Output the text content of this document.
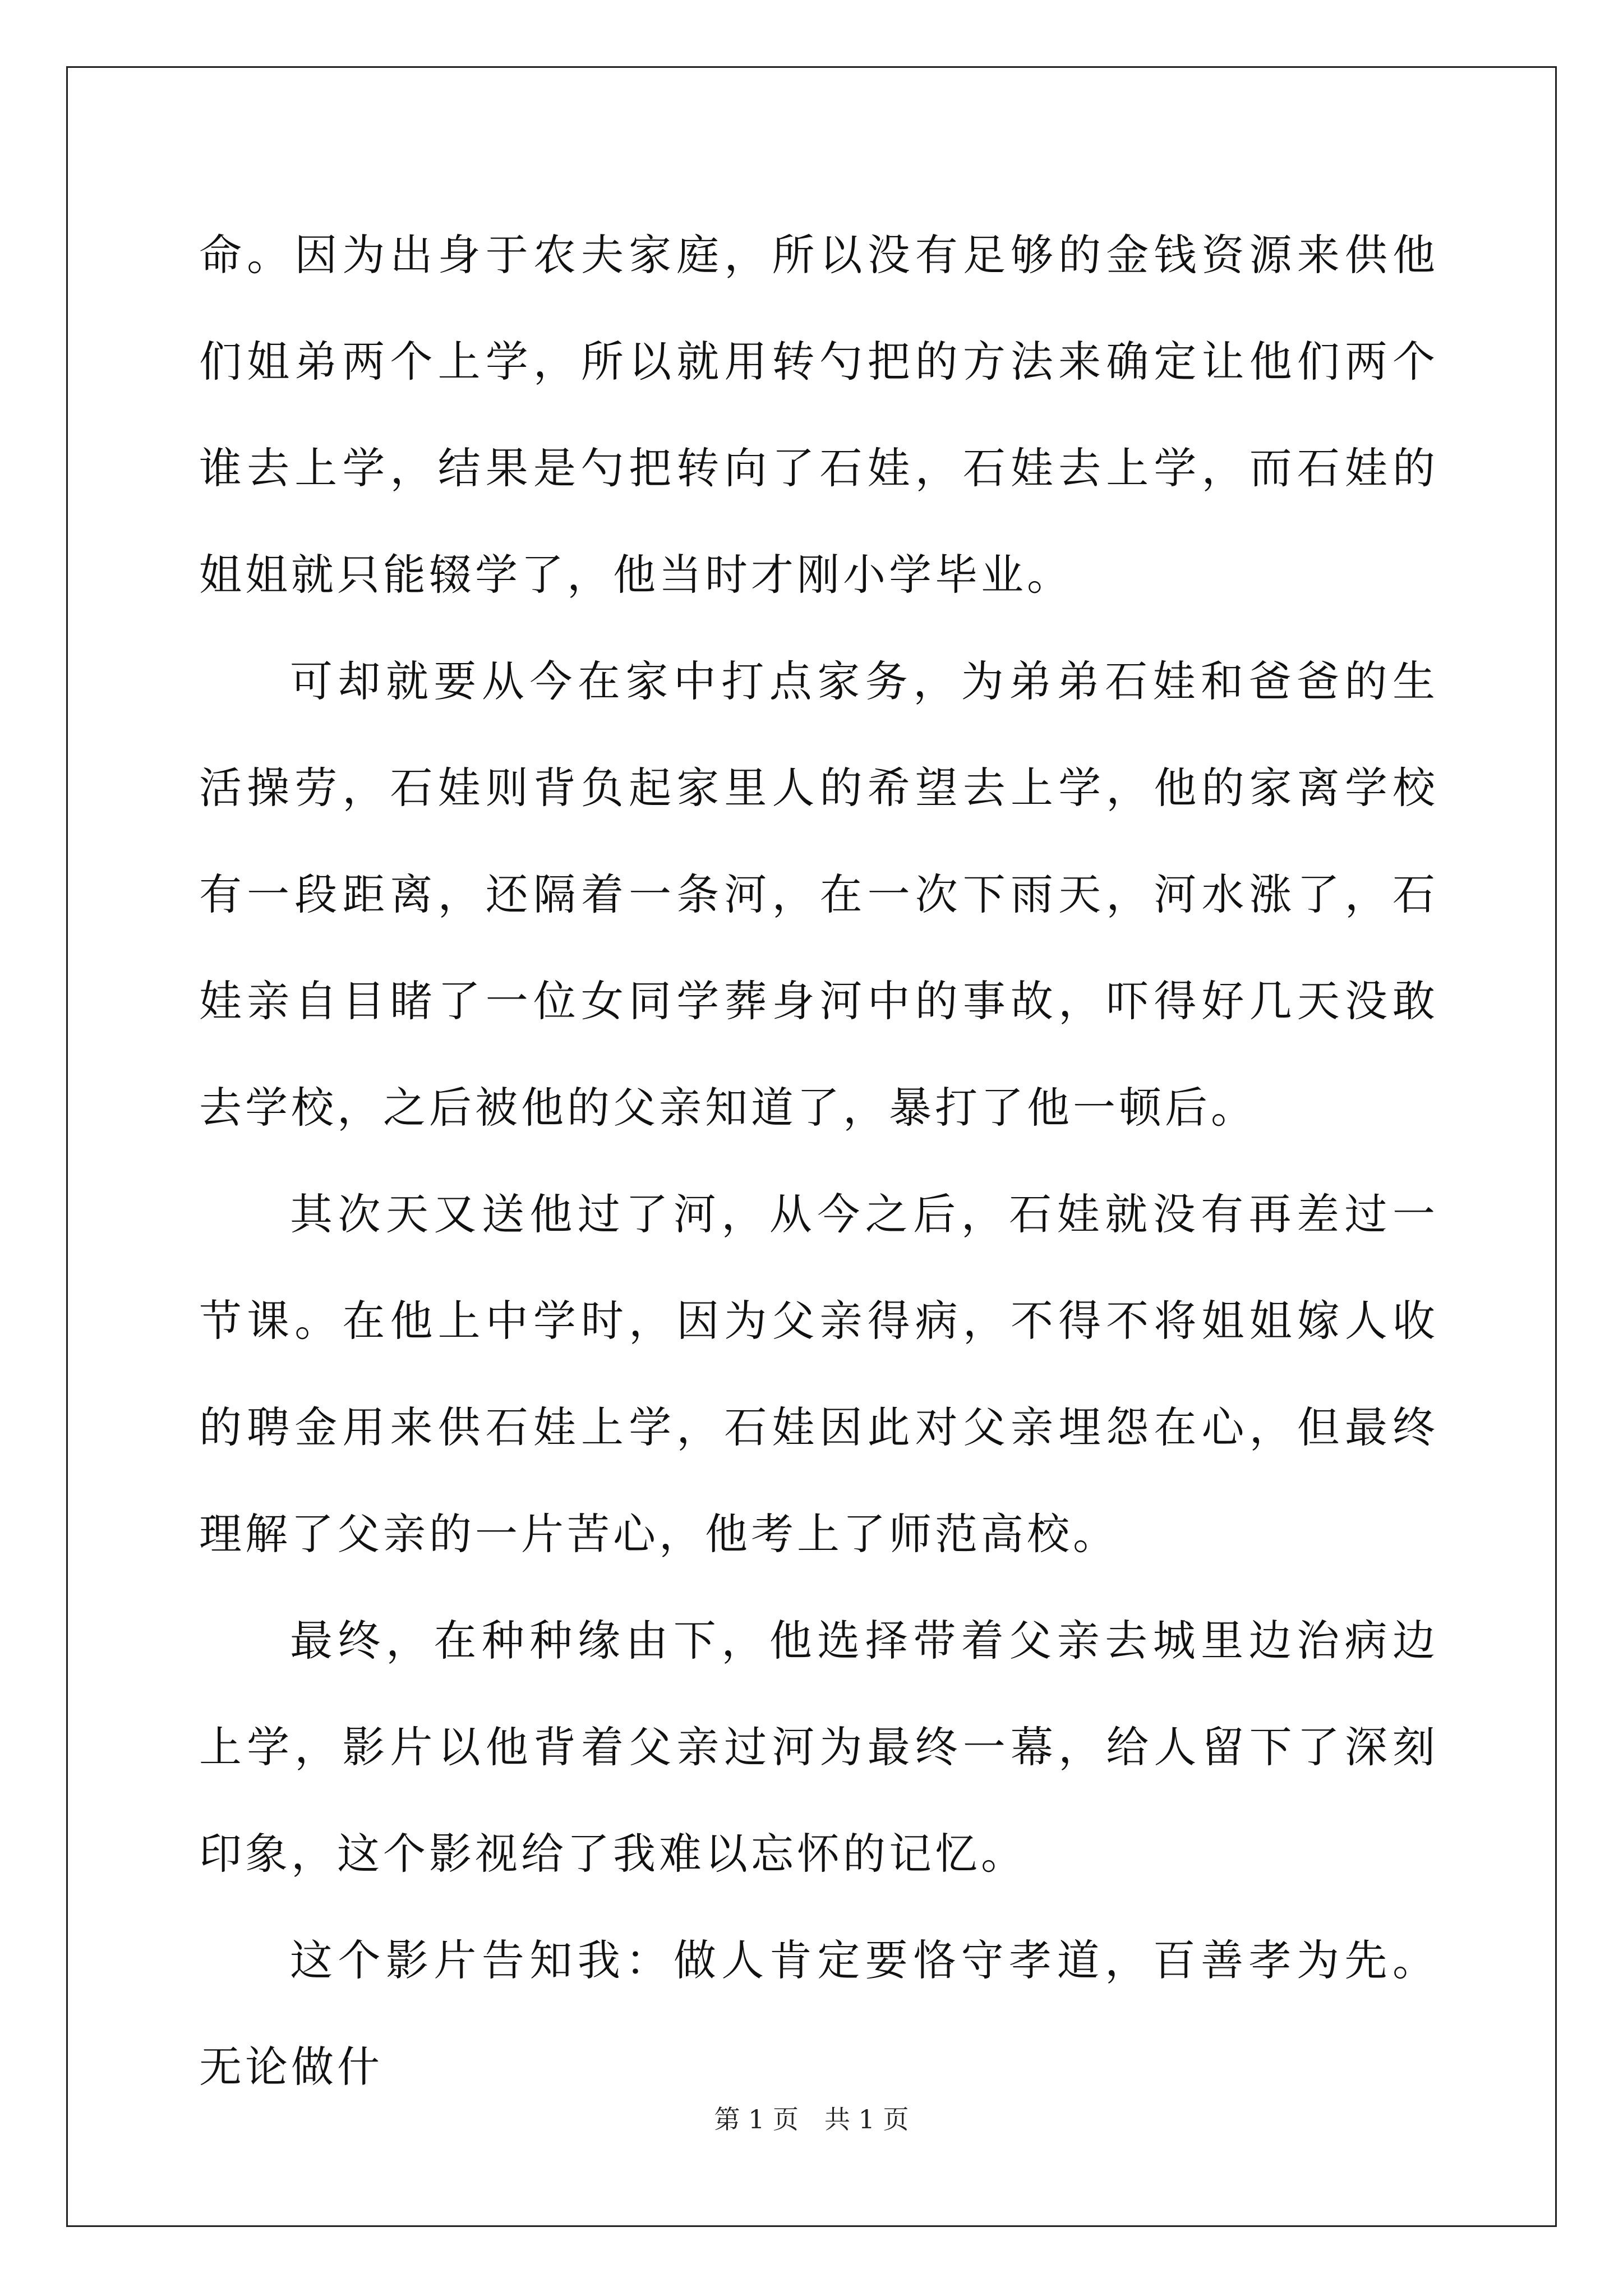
命。因为出身于农夫家庭，所以没有足够的金钱资源来供他们姐弟两个上学，所以就用转勺把的方法来确定让他们两个谁去上学，结果是勺把转向了石娃，石娃去上学，而石娃的姐姐就只能辍学了，他当时才刚小学毕业。

可却就要从今在家中打点家务，为弟弟石娃和爸爸的生活操劳，石娃则背负起家里人的希望去上学，他的家离学校有一段距离，还隔着一条河，在一次下雨天，河水涨了，石娃亲自目睹了一位女同学葬身河中的事故，吓得好几天没敢去学校，之后被他的父亲知道了，暴打了他一顿后。

其次天又送他过了河，从今之后，石娃就没有再差过一节课。在他上中学时，因为父亲得病，不得不将姐姐嫁人收的聘金用来供石娃上学，石娃因此对父亲埋怨在心，但最终理解了父亲的一片苦心，他考上了师范高校。

最终，在种种缘由下，他选择带着父亲去城里边治病边上学，影片以他背着父亲过河为最终一幕，给人留下了深刻印象，这个影视给了我难以忘怀的记忆。

这个影片告知我：做人肯定要恪守孝道，百善孝为先。无论做什

第 1 页　共 1 页
